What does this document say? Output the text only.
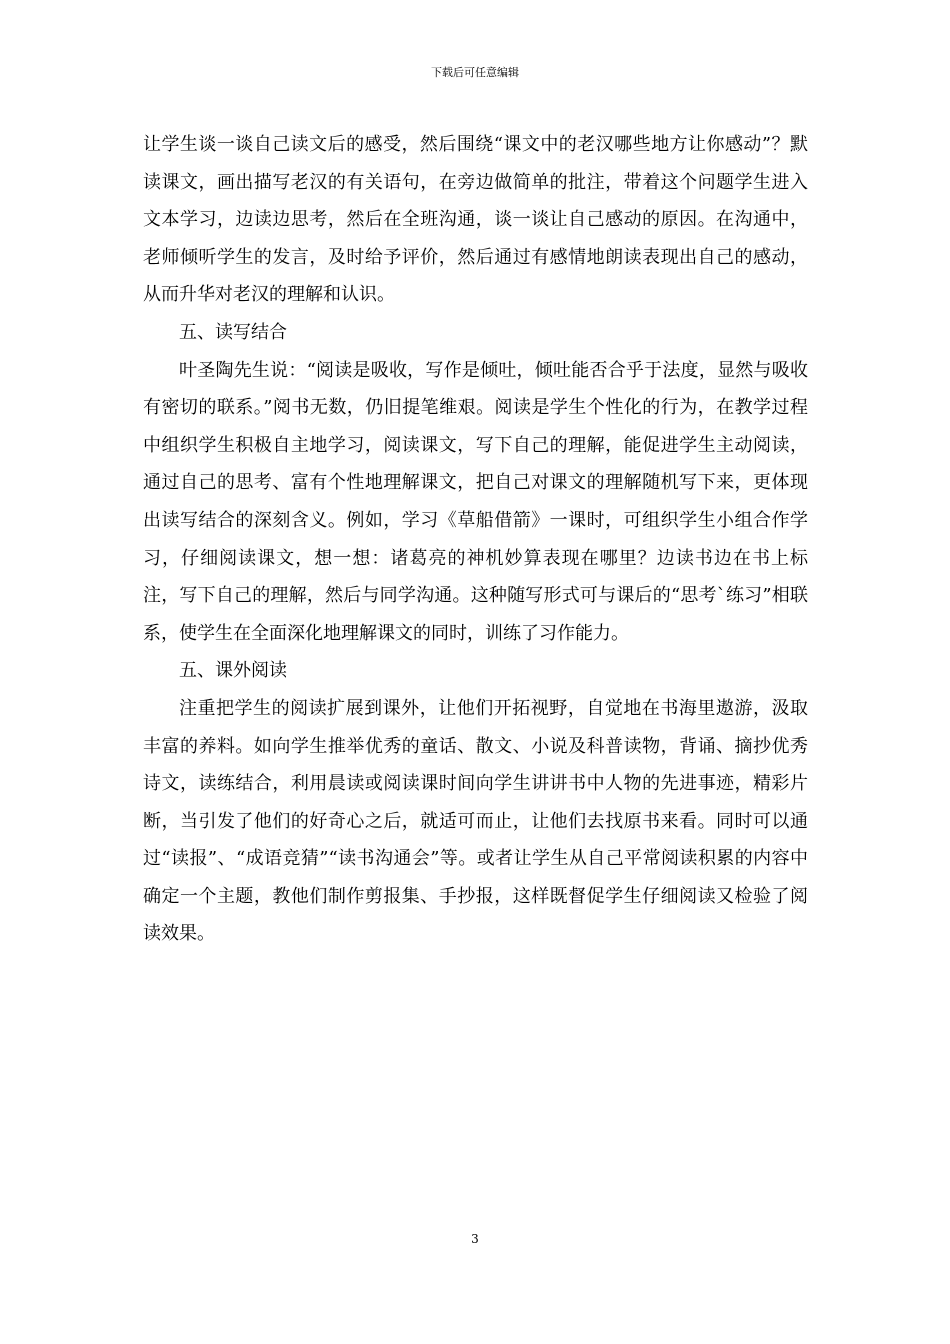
下载后可任意编辑

让学生谈一谈自己读文后的感受，然后围绕“课文中的老汉哪些地方让你感动”？默读课文，画出描写老汉的有关语句，在旁边做简单的批注，带着这个问题学生进入文本学习，边读边思考，然后在全班沟通，谈一谈让自己感动的原因。在沟通中，老师倾听学生的发言，及时给予评价，然后通过有感情地朗读表现出自己的感动，从而升华对老汉的理解和认识。

五、读写结合

叶圣陶先生说：“阅读是吸收，写作是倾吐，倾吐能否合乎于法度，显然与吸收有密切的联系。”阅书无数，仍旧提笔维艰。阅读是学生个性化的行为，在教学过程中组织学生积极自主地学习，阅读课文，写下自己的理解，能促进学生主动阅读，通过自己的思考、富有个性地理解课文，把自己对课文的理解随机写下来，更体现出读写结合的深刻含义。例如，学习《草船借箭》一课时，可组织学生小组合作学习，仔细阅读课文，想一想：诸葛亮的神机妙算表现在哪里？边读书边在书上标注，写下自己的理解，然后与同学沟通。这种随写形式可与课后的“思考`练习”相联系，使学生在全面深化地理解课文的同时，训练了习作能力。

五、课外阅读

注重把学生的阅读扩展到课外，让他们开拓视野，自觉地在书海里遨游，汲取丰富的养料。如向学生推举优秀的童话、散文、小说及科普读物，背诵、摘抄优秀诗文，读练结合，利用晨读或阅读课时间向学生讲讲书中人物的先进事迹，精彩片断，当引发了他们的好奇心之后，就适可而止，让他们去找原书来看。同时可以通过“读报”、“成语竞猜”“读书沟通会”等。或者让学生从自己平常阅读积累的内容中确定一个主题，教他们制作剪报集、手抄报，这样既督促学生仔细阅读又检验了阅读效果。

3
